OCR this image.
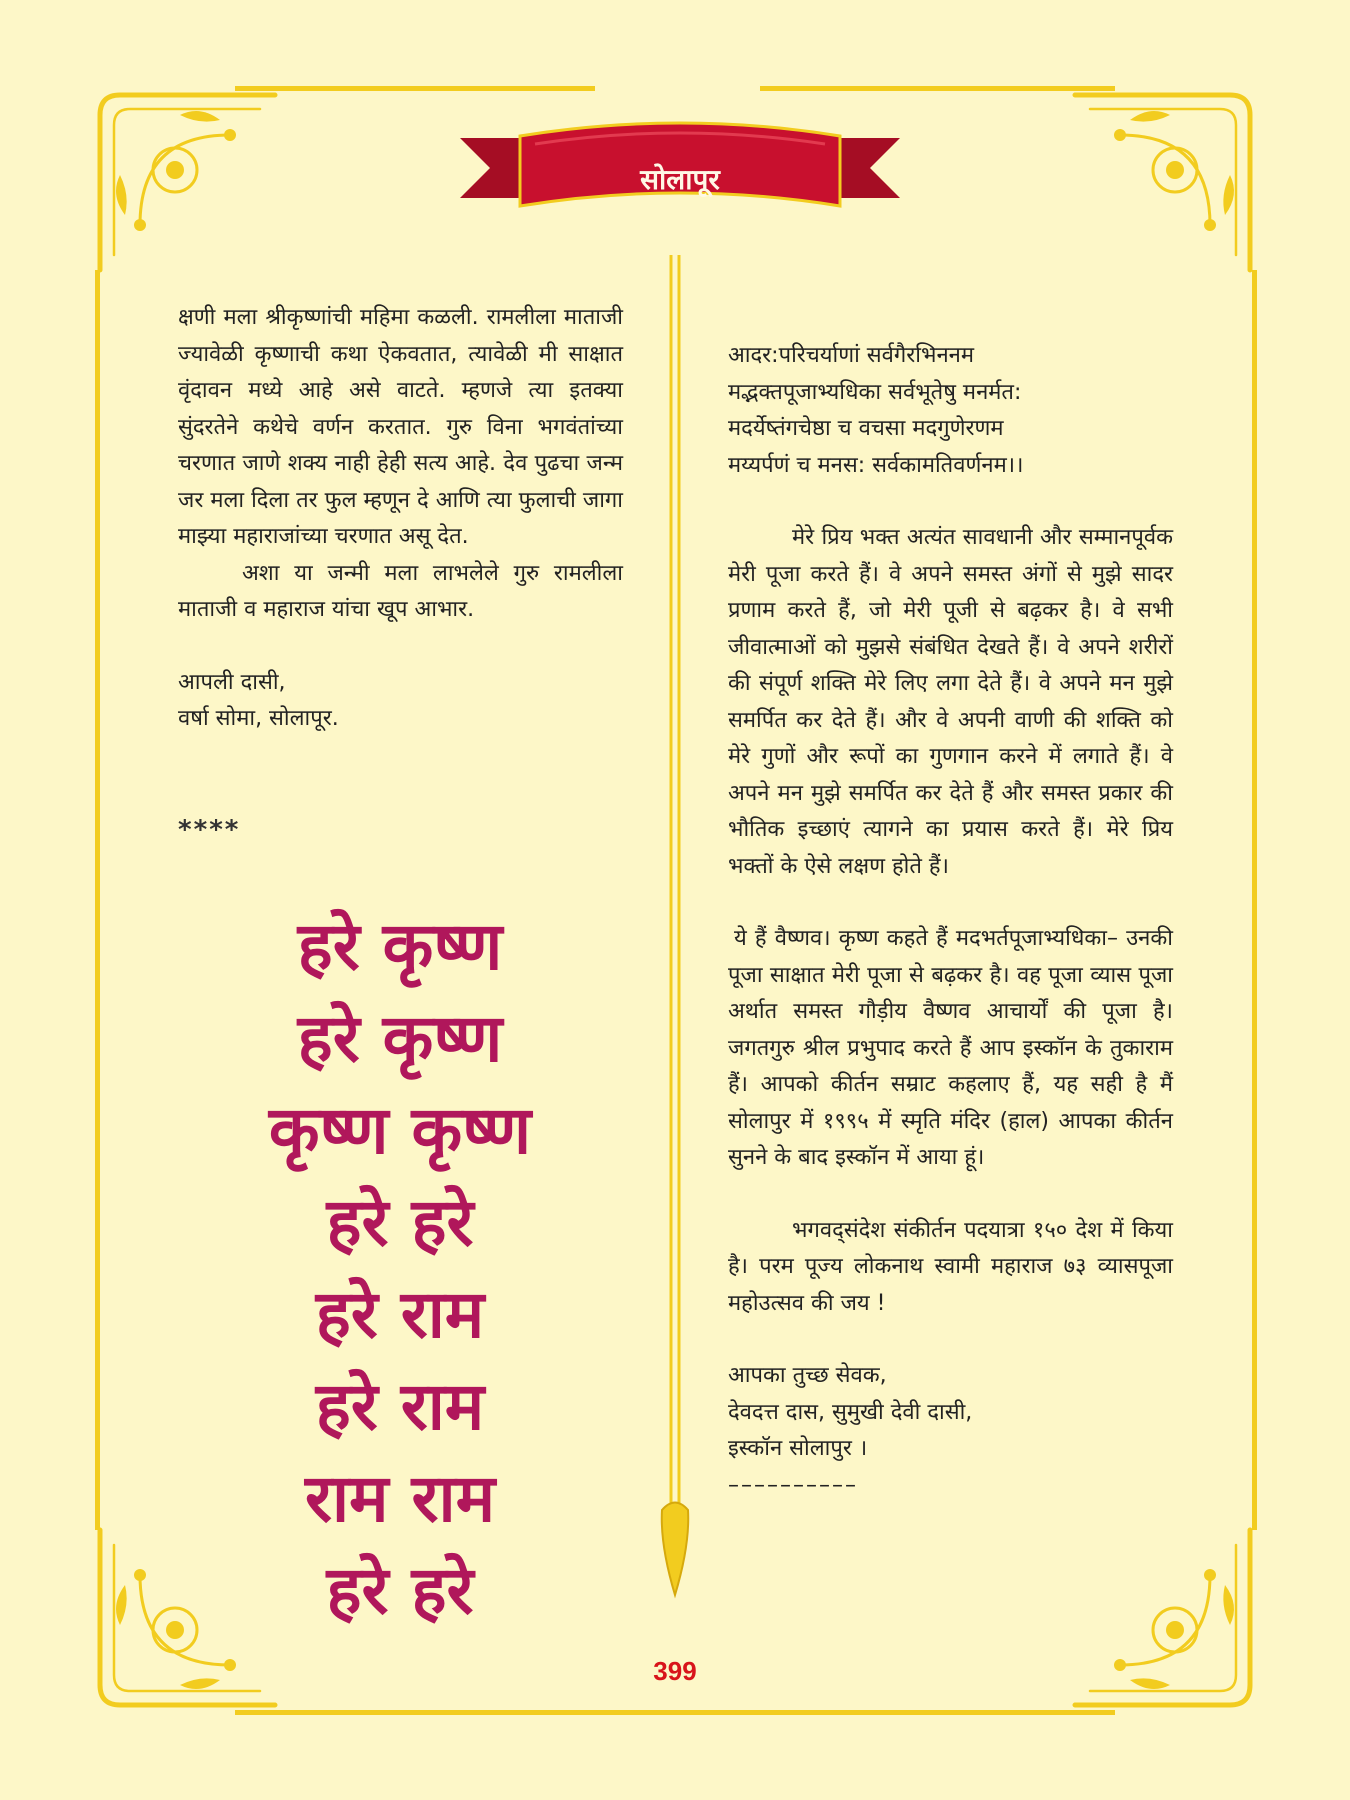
सोलापूर

क्षणी मला श्रीकृष्णांची महिमा कळली. रामलीला माताजी ज्यावेळी कृष्णाची कथा ऐकवतात, त्यावेळी मी साक्षात वृंदावन मध्ये आहे असे वाटते. म्हणजे त्या इतक्या सुंदरतेने कथेचे वर्णन करतात. गुरु विना भगवंतांच्या चरणात जाणे शक्य नाही हेही सत्य आहे. देव पुढचा जन्म जर मला दिला तर फुल म्हणून दे आणि त्या फुलाची जागा माझ्या महाराजांच्या चरणात असू देत.

अशा या जन्मी मला लाभलेले गुरु रामलीला माताजी व महाराज यांचा खूप आभार.

आपली दासी,

वर्षा सोमा, सोलापूर.

****
हरे कृष्ण
हरे कृष्ण
कृष्ण कृष्ण
हरे हरे
हरे राम
हरे राम
राम राम
हरे हरे

आदर:परिचर्याणां सर्वगैरभिननम

मद्भक्तपूजाभ्यधिका सर्वभूतेषु मनर्मत:

मदर्येष्तंगचेष्ठा च वचसा मदगुणेरणम

मय्यर्पणं च मनस: सर्वकामतिवर्णनम।।

मेरे प्रिय भक्त अत्यंत सावधानी और सम्मानपूर्वक मेरी पूजा करते हैं। वे अपने समस्त अंगों से मुझे सादर प्रणाम करते हैं, जो मेरी पूजी से बढ़कर है। वे सभी जीवात्माओं को मुझसे संबंधित देखते हैं। वे अपने शरीरों की संपूर्ण शक्ति मेरे लिए लगा देते हैं। वे अपने मन मुझे समर्पित कर देते हैं। और वे अपनी वाणी की शक्ति को मेरे गुणों और रूपों का गुणगान करने में लगाते हैं। वे अपने मन मुझे समर्पित कर देते हैं और समस्त प्रकार की भौतिक इच्छाएं त्यागने का प्रयास करते हैं। मेरे प्रिय भक्तों के ऐसे लक्षण होते हैं।

ये हैं वैष्णव। कृष्ण कहते हैं मदभर्तपूजाभ्यधिका– उनकी पूजा साक्षात मेरी पूजा से बढ़कर है। वह पूजा व्यास पूजा अर्थात समस्त गौड़ीय वैष्णव आचार्यों की पूजा है। जगतगुरु श्रील प्रभुपाद करते हैं आप इस्कॉन के तुकाराम हैं। आपको कीर्तन सम्राट कहलाए हैं, यह सही है मैं सोलापुर में १९९५ में स्मृति मंदिर (हाल) आपका कीर्तन सुनने के बाद इस्कॉन में आया हूं।

भगवद्संदेश संकीर्तन पदयात्रा १५० देश में किया है। परम पूज्य लोकनाथ स्वामी महाराज ७३ व्यासपूजा महोउत्सव की जय !

आपका तुच्छ सेवक,

देवदत्त दास, सुमुखी देवी दासी,

इस्कॉन सोलापुर ।

––––––––––

399
